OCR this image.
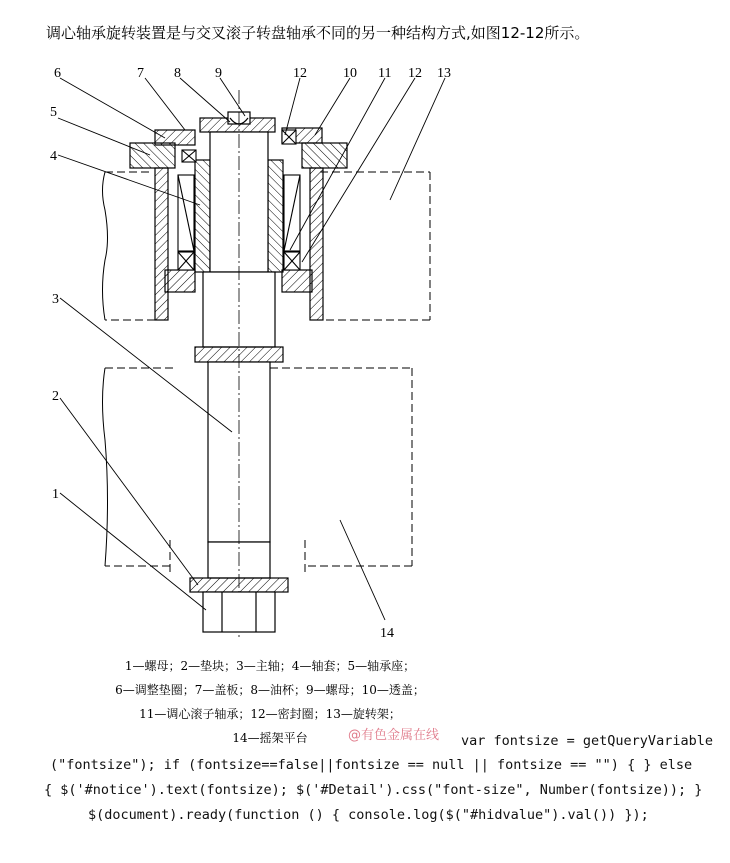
调心轴承旋转装置是与交叉滚子转盘轴承不同的另一种结构方式,如图12-12所示。
1
2
3
4
5
6	7 8 9	12	10 11 12 13
14
1—螺母；2—垫块；3—主轴；4—轴套；5—轴承座；
6—调整垫圈；7—盖板；8—油杯；9—螺母；10—透盖；
11—调心滚子轴承；12—密封圈；13—旋转架；
14—摇架平台	@有色金属在线 var fontsize = getQueryVariable
("fontsize"); if (fontsize==false||fontsize == null || fontsize == "") { } else
{ $('#notice').text(fontsize); $('#Detail').css("font-size", Number(fontsize)); }
$(document).ready(function () { console.log($("#hidvalue").val()) });
